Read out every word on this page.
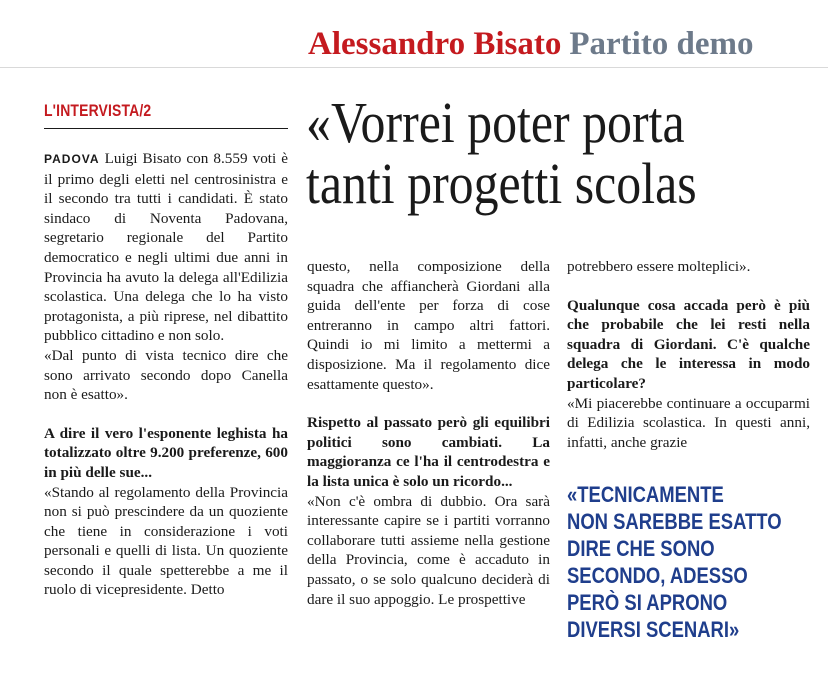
Alessandro Bisato Partito demo
L'INTERVISTA/2	«Vorrei poter porta
tanti progetti scolas

PADOVA Luigi Bisato con 8.559 voti è il primo degli eletti nel centrosinistra e il secondo tra tutti i candidati. È stato sindaco di Noventa Padovana, segretario regionale del Partito democratico e negli ultimi due anni in Provincia ha avuto la delega all'Edilizia scolastica. Una delega che lo ha visto protagonista, a più riprese, nel dibattito pubblico cittadino e non solo.

«Dal punto di vista tecnico dire che sono arrivato secondo dopo Canella non è esatto».

A dire il vero l'esponente leghista ha totalizzato oltre 9.200 preferenze, 600 in più delle sue...

«Stando al regolamento della Provincia non si può prescindere da un quoziente che tiene in considerazione i voti personali e quelli di lista. Un quoziente secondo il quale spetterebbe a me il ruolo di vicepresidente. Detto

questo, nella composizione della squadra che affiancherà Giordani alla guida dell'ente per forza di cose entreranno in campo altri fattori. Quindi io mi limito a mettermi a disposizione. Ma il regolamento dice esattamente questo».

Rispetto al passato però gli equilibri politici sono cambiati. La maggioranza ce l'ha il centrodestra e la lista unica è solo un ricordo...

«Non c'è ombra di dubbio. Ora sarà interessante capire se i partiti vorranno collaborare tutti assieme nella gestione della Provincia, come è accaduto in passato, o se solo qualcuno deciderà di dare il suo appoggio. Le prospettive

potrebbero essere molteplici».

Qualunque cosa accada però è più che probabile che lei resti nella squadra di Giordani. C'è qualche delega che le interessa in modo particolare?

«Mi piacerebbe continuare a occuparmi di Edilizia scolastica. In questi anni, infatti, anche grazie

«TECNICAMENTE
NON SAREBBE ESATTO
DIRE CHE SONO
SECONDO, ADESSO
PERÒ SI APRONO
DIVERSI SCENARI»
